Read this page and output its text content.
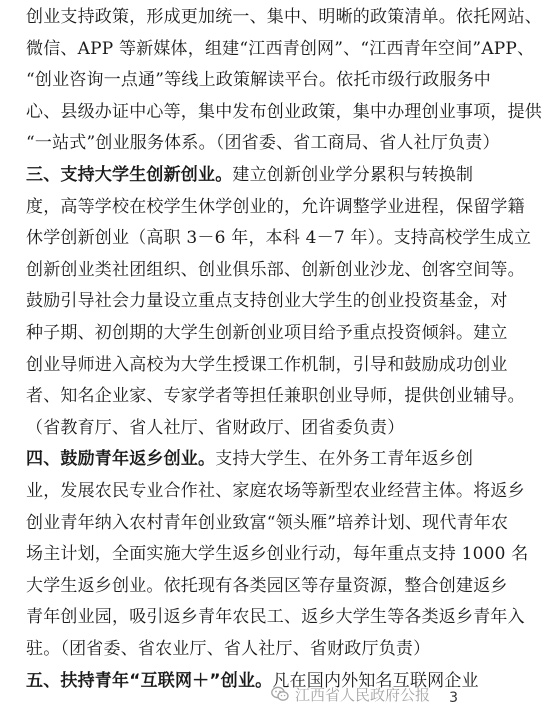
创业支持政策，形成更加统一、集中、明晰的政策清单。依托网站、
微信、APP 等新媒体，组建“江西青创网”、“江西青年空间”APP、
“创业咨询一点通”等线上政策解读平台。依托市级行政服务中
心、县级办证中心等，集中发布创业政策，集中办理创业事项，提供
“一站式”创业服务体系。（团省委、省工商局、省人社厅负责）
三、支持大学生创新创业。建立创新创业学分累积与转换制
度，高等学校在校学生休学创业的，允许调整学业进程，保留学籍
休学创新创业（高职 3－6 年，本科 4－7 年）。支持高校学生成立
创新创业类社团组织、创业俱乐部、创新创业沙龙、创客空间等。
鼓励引导社会力量设立重点支持创业大学生的创业投资基金，对
种子期、初创期的大学生创新创业项目给予重点投资倾斜。建立
创业导师进入高校为大学生授课工作机制，引导和鼓励成功创业
者、知名企业家、专家学者等担任兼职创业导师，提供创业辅导。
（省教育厅、省人社厅、省财政厅、团省委负责）
四、鼓励青年返乡创业。支持大学生、在外务工青年返乡创
业，发展农民专业合作社、家庭农场等新型农业经营主体。将返乡
创业青年纳入农村青年创业致富“领头雁”培养计划、现代青年农
场主计划，全面实施大学生返乡创业行动，每年重点支持 1000 名
大学生返乡创业。依托现有各类园区等存量资源，整合创建返乡
青年创业园，吸引返乡青年农民工、返乡大学生等各类返乡青年入
驻。（团省委、省农业厅、省人社厅、省财政厅负责）
五、扶持青年“互联网＋”创业。凡在国内外知名互联网企业
江西省人民政府公报 3
